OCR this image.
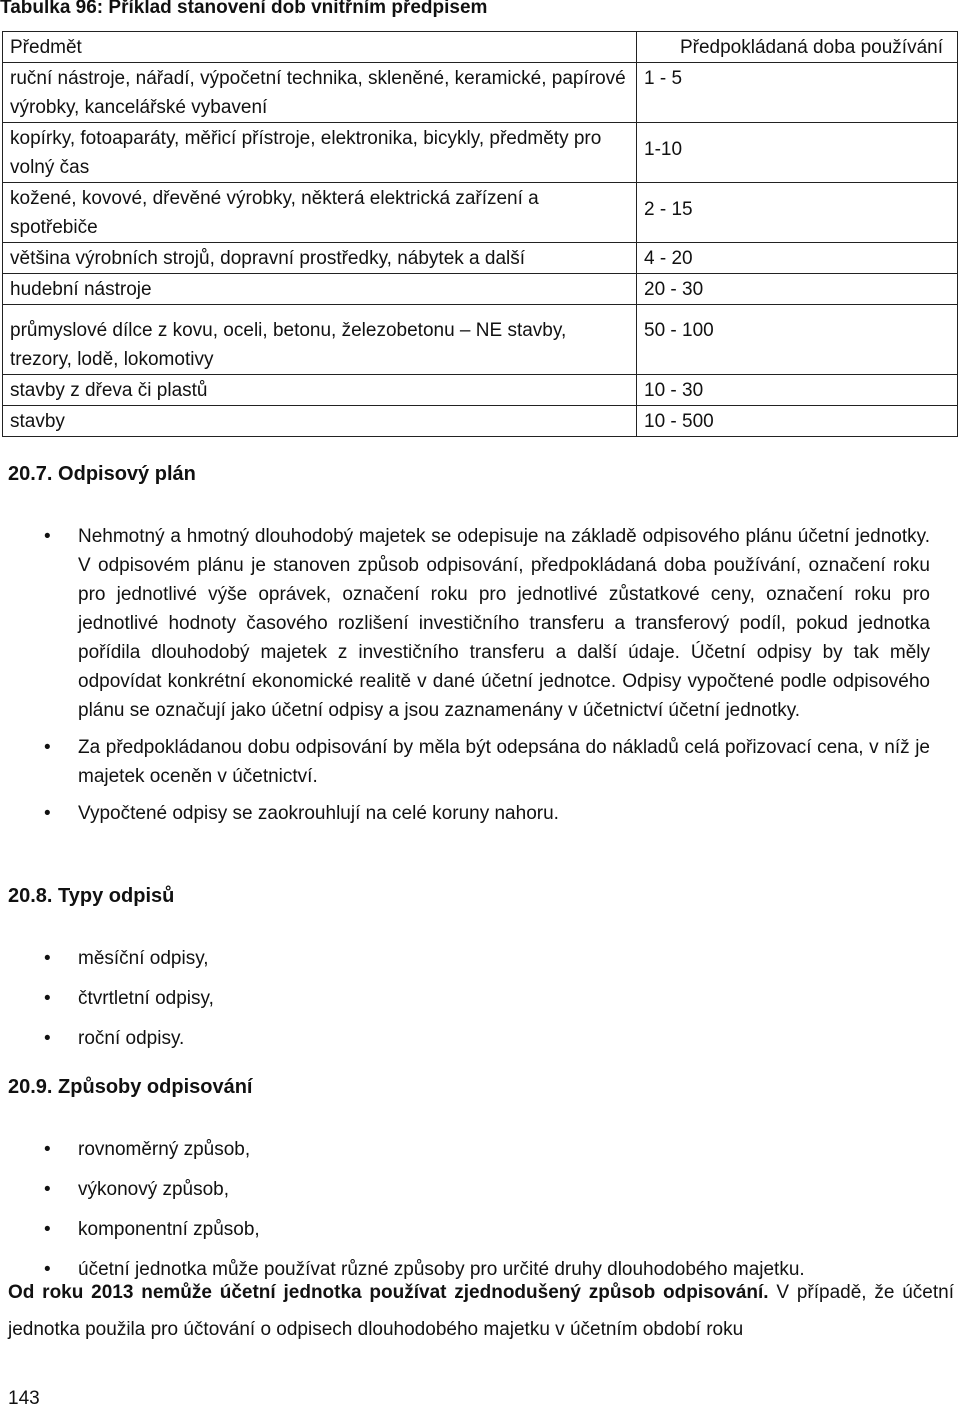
Tabulka 96: Příklad stanovení dob vnitřním předpisem
Předmět	Předpokládaná doba používání
ruční nástroje, nářadí, výpočetní technika, skleněné, keramické, papírové výrobky, kancelářské vybavení	1 - 5
kopírky, fotoaparáty, měřicí přístroje, elektronika, bicykly, předměty pro volný čas	1-10
kožené, kovové, dřevěné výrobky, některá elektrická zařízení a spotřebiče	2 - 15
většina výrobních strojů, dopravní prostředky, nábytek a další	4 - 20
hudební nástroje	20 - 30
průmyslové dílce z kovu, oceli, betonu, železobetonu – NE stavby, trezory, lodě, lokomotivy	50 - 100
stavby z dřeva či plastů	10 - 30
stavby	10 - 500
20.7. Odpisový plán
• Nehmotný a hmotný dlouhodobý majetek se odepisuje na základě odpisového plánu účetní jednotky. V odpisovém plánu je stanoven způsob odpisování, předpokládaná doba používání, označení roku pro jednotlivé výše oprávek, označení roku pro jednotlivé zůstatkové ceny, označení roku pro jednotlivé hodnoty časového rozlišení investičního transferu a transferový podíl, pokud jednotka pořídila dlouhodobý majetek z investičního transferu a další údaje. Účetní odpisy by tak měly odpovídat konkrétní ekonomické realitě v dané účetní jednotce. Odpisy vypočtené podle odpisového plánu se označují jako účetní odpisy a jsou zaznamenány v účetnictví účetní jednotky.
• Za předpokládanou dobu odpisování by měla být odepsána do nákladů celá pořizovací cena, v níž je majetek oceněn v účetnictví.
• Vypočtené odpisy se zaokrouhlují na celé koruny nahoru.
20.8. Typy odpisů
• měsíční odpisy,
• čtvrtletní odpisy,
• roční odpisy.
20.9. Způsoby odpisování
• rovnoměrný způsob,
• výkonový způsob,
• komponentní způsob,
• účetní jednotka může používat různé způsoby pro určité druhy dlouhodobého majetku.

Od roku 2013 nemůže účetní jednotka používat zjednodušený způsob odpisování. V případě, že účetní jednotka použila pro účtování o odpisech dlouhodobého majetku v účetním období roku

143
